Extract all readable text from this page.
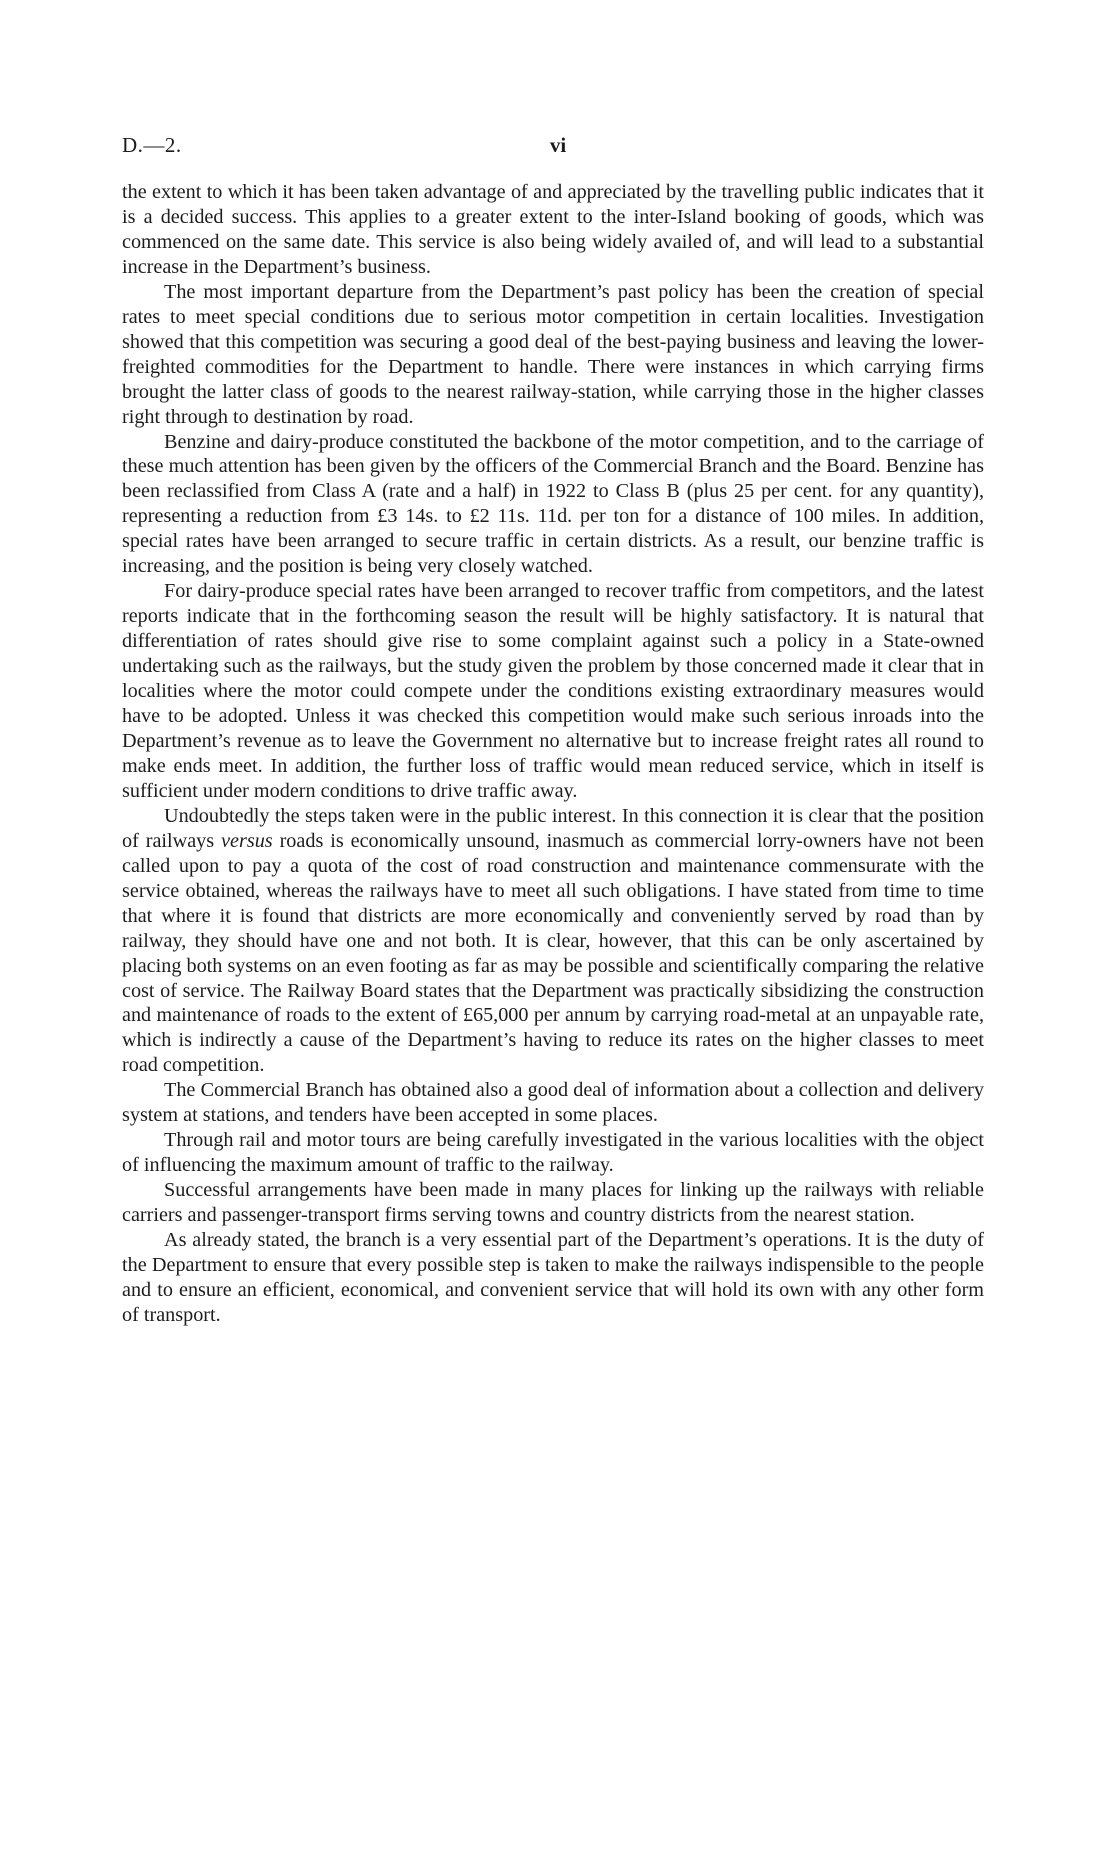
D.—2.	vi

the extent to which it has been taken advantage of and appreciated by the travelling public indicates that it is a decided success. This applies to a greater extent to the inter-Island booking of goods, which was commenced on the same date. This service is also being widely availed of, and will lead to a substantial increase in the Department’s business.

The most important departure from the Department’s past policy has been the creation of special rates to meet special conditions due to serious motor competition in certain localities. Investigation showed that this competition was securing a good deal of the best-paying business and leaving the lower-freighted commodities for the Department to handle. There were instances in which carrying firms brought the latter class of goods to the nearest railway-station, while carrying those in the higher classes right through to destination by road.

Benzine and dairy-produce constituted the backbone of the motor competition, and to the carriage of these much attention has been given by the officers of the Commercial Branch and the Board. Benzine has been reclassified from Class A (rate and a half) in 1922 to Class B (plus 25 per cent. for any quantity), representing a reduction from £3 14s. to £2 11s. 11d. per ton for a distance of 100 miles. In addition, special rates have been arranged to secure traffic in certain districts. As a result, our benzine traffic is increasing, and the position is being very closely watched.

For dairy-produce special rates have been arranged to recover traffic from competitors, and the latest reports indicate that in the forthcoming season the result will be highly satisfactory. It is natural that differentiation of rates should give rise to some complaint against such a policy in a State-owned undertaking such as the railways, but the study given the problem by those concerned made it clear that in localities where the motor could compete under the conditions existing extraordinary measures would have to be adopted. Unless it was checked this competition would make such serious inroads into the Department’s revenue as to leave the Government no alternative but to increase freight rates all round to make ends meet. In addition, the further loss of traffic would mean reduced service, which in itself is sufficient under modern conditions to drive traffic away.

Undoubtedly the steps taken were in the public interest. In this connection it is clear that the position of railways versus roads is economically unsound, inasmuch as commercial lorry-owners have not been called upon to pay a quota of the cost of road construction and maintenance commensurate with the service obtained, whereas the railways have to meet all such obligations. I have stated from time to time that where it is found that districts are more economically and conveniently served by road than by railway, they should have one and not both. It is clear, however, that this can be only ascertained by placing both systems on an even footing as far as may be possible and scientifically comparing the relative cost of service. The Railway Board states that the Department was practically sibsidizing the construction and maintenance of roads to the extent of £65,000 per annum by carrying road-metal at an unpayable rate, which is indirectly a cause of the Department’s having to reduce its rates on the higher classes to meet road competition.

The Commercial Branch has obtained also a good deal of information about a collection and delivery system at stations, and tenders have been accepted in some places.

Through rail and motor tours are being carefully investigated in the various localities with the object of influencing the maximum amount of traffic to the railway.

Successful arrangements have been made in many places for linking up the railways with reliable carriers and passenger-transport firms serving towns and country districts from the nearest station.

As already stated, the branch is a very essential part of the Department’s operations. It is the duty of the Department to ensure that every possible step is taken to make the railways indispensible to the people and to ensure an efficient, economical, and convenient service that will hold its own with any other form of transport.
